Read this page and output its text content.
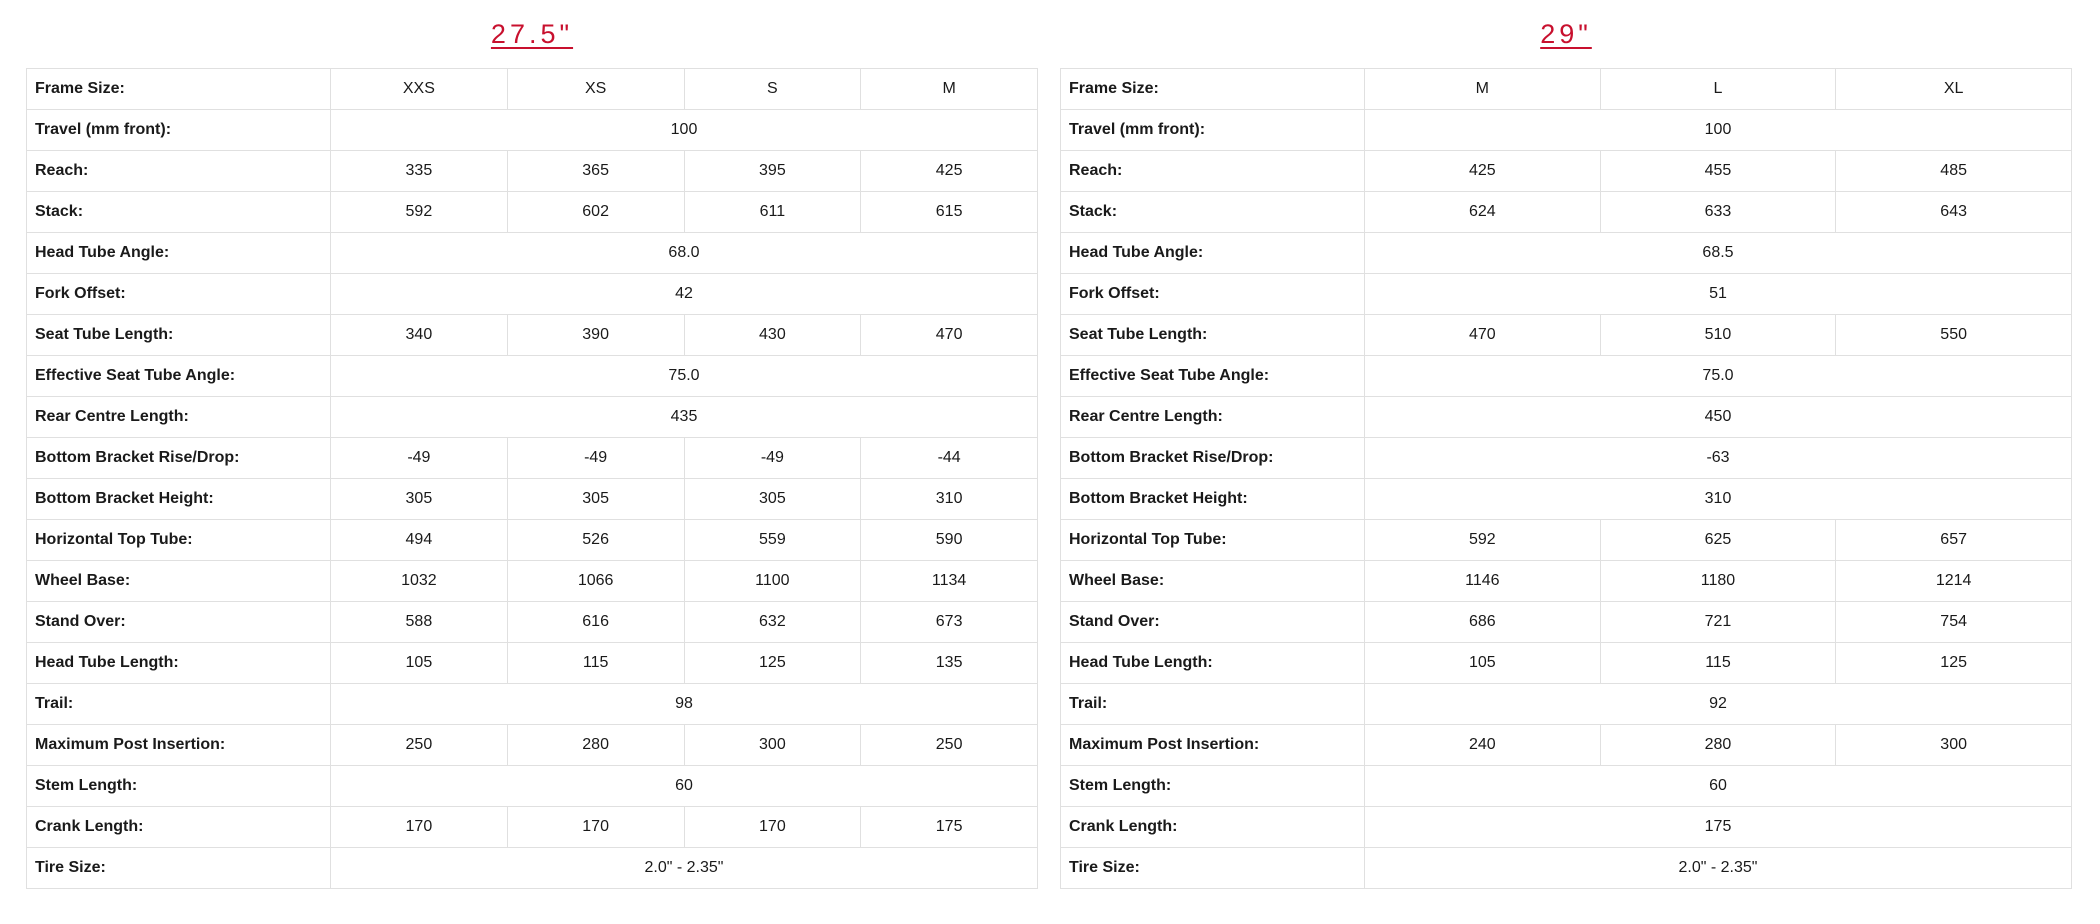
27.5"
Frame Size:	XXS	XS	S	M
Travel (mm front):	100			
Reach:	335	365	395	425
Stack:	592	602	611	615
Head Tube Angle:	68.0			
Fork Offset:	42			
Seat Tube Length:	340	390	430	470
Effective Seat Tube Angle:	75.0			
Rear Centre Length:	435			
Bottom Bracket Rise/Drop:	-49	-49	-49	-44
Bottom Bracket Height:	305	305	305	310
Horizontal Top Tube:	494	526	559	590
Wheel Base:	1032	1066	1100	1134
Stand Over:	588	616	632	673
Head Tube Length:	105	115	125	135
Trail:	98			
Maximum Post Insertion:	250	280	300	250
Stem Length:	60			
Crank Length:	170	170	170	175
Tire Size:	2.0" - 2.35"			
29"
Frame Size:	M	L	XL
Travel (mm front):	100		
Reach:	425	455	485
Stack:	624	633	643
Head Tube Angle:	68.5		
Fork Offset:	51		
Seat Tube Length:	470	510	550
Effective Seat Tube Angle:	75.0		
Rear Centre Length:	450		
Bottom Bracket Rise/Drop:	-63		
Bottom Bracket Height:	310		
Horizontal Top Tube:	592	625	657
Wheel Base:	1146	1180	1214
Stand Over:	686	721	754
Head Tube Length:	105	115	125
Trail:	92		
Maximum Post Insertion:	240	280	300
Stem Length:	60		
Crank Length:	175		
Tire Size:	2.0" - 2.35"		
